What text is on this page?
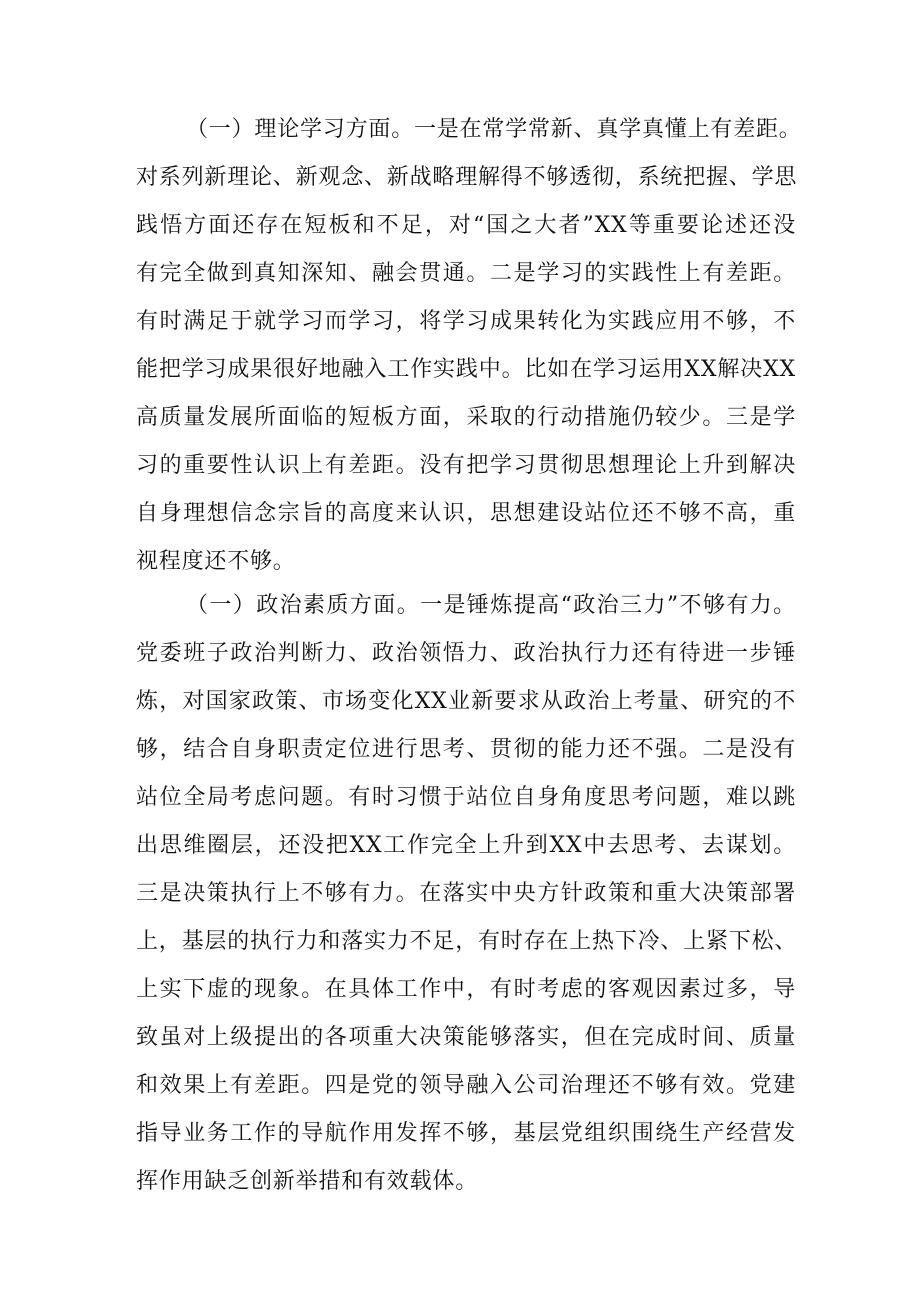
（一）理论学习方面。一是在常学常新、真学真懂上有差距。
对系列新理论、新观念、新战略理解得不够透彻，系统把握、学思
践悟方面还存在短板和不足，对“国之大者”XX等重要论述还没
有完全做到真知深知、融会贯通。二是学习的实践性上有差距。
有时满足于就学习而学习，将学习成果转化为实践应用不够，不
能把学习成果很好地融入工作实践中。比如在学习运用XX解决XX
高质量发展所面临的短板方面，采取的行动措施仍较少。三是学
习的重要性认识上有差距。没有把学习贯彻思想理论上升到解决
自身理想信念宗旨的高度来认识，思想建设站位还不够不高，重
视程度还不够。
（一）政治素质方面。一是锤炼提高“政治三力”不够有力。
党委班子政治判断力、政治领悟力、政治执行力还有待进一步锤
炼，对国家政策、市场变化XX业新要求从政治上考量、研究的不
够，结合自身职责定位进行思考、贯彻的能力还不强。二是没有
站位全局考虑问题。有时习惯于站位自身角度思考问题，难以跳
出思维圈层，还没把XX工作完全上升到XX中去思考、去谋划。
三是决策执行上不够有力。在落实中央方针政策和重大决策部署
上，基层的执行力和落实力不足，有时存在上热下冷、上紧下松、
上实下虚的现象。在具体工作中，有时考虑的客观因素过多，导
致虽对上级提出的各项重大决策能够落实，但在完成时间、质量
和效果上有差距。四是党的领导融入公司治理还不够有效。党建
指导业务工作的导航作用发挥不够，基层党组织围绕生产经营发
挥作用缺乏创新举措和有效载体。
